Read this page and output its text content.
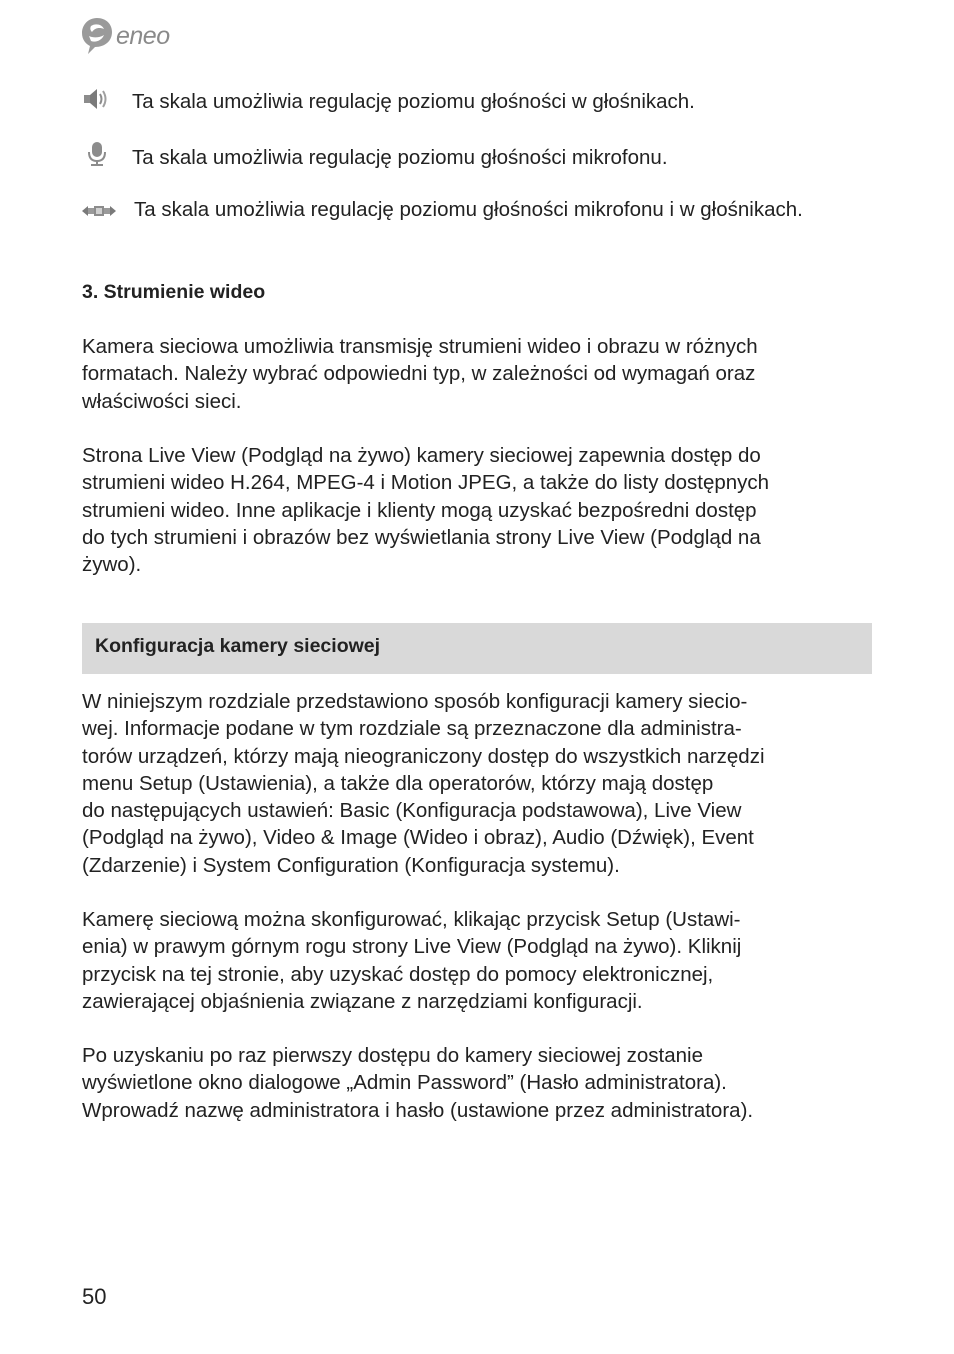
eneo

Ta skala umożliwia regulację poziomu głośności w głośnikach.

Ta skala umożliwia regulację poziomu głośności mikrofonu.

Ta skala umożliwia regulację poziomu głośności mikrofonu i w głośnikach.

3. Strumienie wideo

Kamera sieciowa umożliwia transmisję strumieni wideo i obrazu w różnych
formatach. Należy wybrać odpowiedni typ, w zależności od wymagań oraz
właściwości sieci.

Strona Live View (Podgląd na żywo) kamery sieciowej zapewnia dostęp do
strumieni wideo H.264, MPEG-4 i Motion JPEG, a także do listy dostępnych
strumieni wideo. Inne aplikacje i klienty mogą uzyskać bezpośredni dostęp
do tych strumieni i obrazów bez wyświetlania strony Live View (Podgląd na
żywo).

Konfiguracja kamery sieciowej

W niniejszym rozdziale przedstawiono sposób konfiguracji kamery siecio-
wej. Informacje podane w tym rozdziale są przeznaczone dla administra-
torów urządzeń, którzy mają nieograniczony dostęp do wszystkich narzędzi
menu Setup (Ustawienia), a także dla operatorów, którzy mają dostęp
do następujących ustawień: Basic (Konfiguracja podstawowa), Live View
(Podgląd na żywo), Video & Image (Wideo i obraz), Audio (Dźwięk), Event
(Zdarzenie) i System Configuration (Konfiguracja systemu).

Kamerę sieciową można skonfigurować, klikając przycisk Setup (Ustawi-
enia) w prawym górnym rogu strony Live View (Podgląd na żywo). Kliknij
przycisk na tej stronie, aby uzyskać dostęp do pomocy elektronicznej,
zawierającej objaśnienia związane z narzędziami konfiguracji.

Po uzyskaniu po raz pierwszy dostępu do kamery sieciowej zostanie
wyświetlone okno dialogowe „Admin Password” (Hasło administratora).
Wprowadź nazwę administratora i hasło (ustawione przez administratora).

50
